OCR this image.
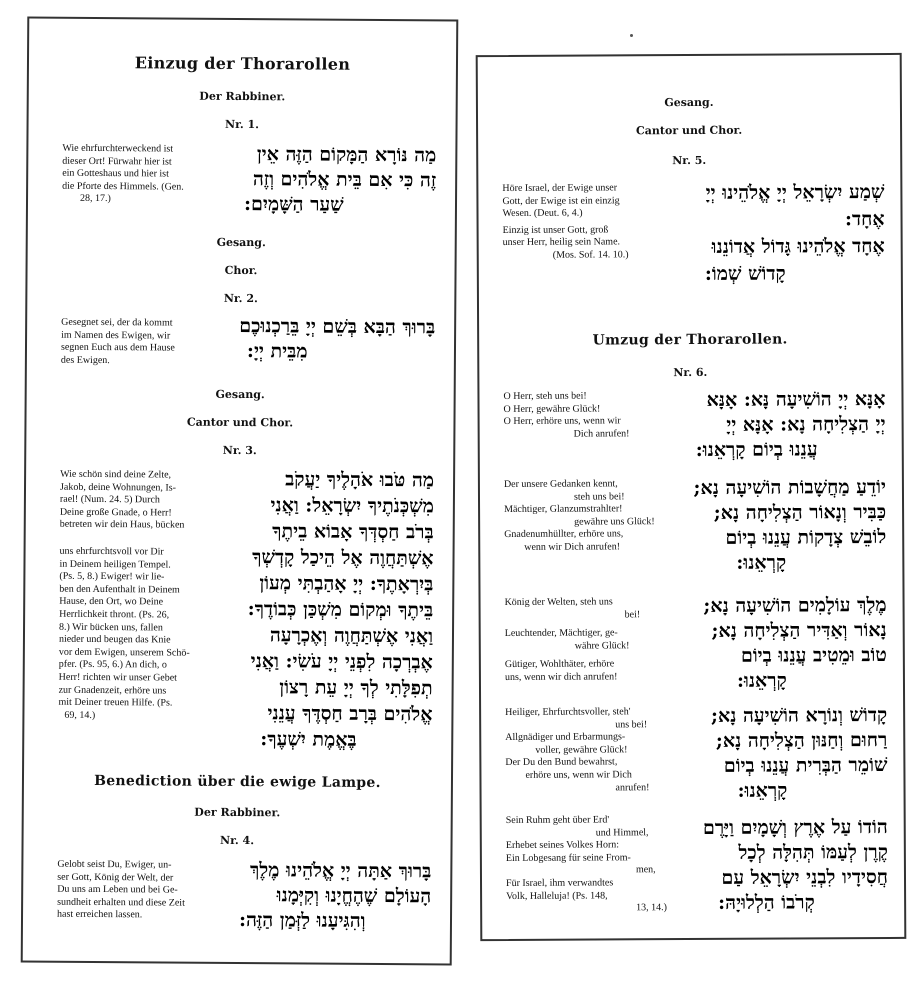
Einzug der Thorarollen
Der Rabbiner.
Nr. 1.
Wie ehrfurchterweckend ist
dieser Ort! Fürwahr hier ist
ein Gotteshaus und hier ist
die Pforte des Himmels. (Gen.
28, 17.)
מַה נּוֹרָא הַמָּקוֹם הַזֶּה אֵין
זֶה כִּי אִם בֵּית אֱלֹהִים וְזֶה
שַׁעַר הַשָּׁמָיִם:
Gesang.
Chor.
Nr. 2.
Gesegnet sei, der da kommt
im Namen des Ewigen, wir
segnen Euch aus dem Hause
des Ewigen.
בָּרוּךְ הַבָּא בְּשֵׁם יְיָ בֵּרַכְנוּכֶם
מִבֵּית יְיָ:
Gesang.
Cantor und Chor.
Nr. 3.
Wie schön sind deine Zelte,
Jakob, deine Wohnungen, Is-
rael! (Num. 24. 5) Durch
Deine große Gnade, o Herr!
betreten wir dein Haus, bücken
uns ehrfurchtsvoll vor Dir
in Deinem heiligen Tempel.
(Ps. 5, 8.) Ewiger! wir lie-
ben den Aufenthalt in Deinem
Hause, den Ort, wo Deine
Herrlichkeit thront. (Ps. 26,
8.) Wir bücken uns, fallen
nieder und beugen das Knie
vor dem Ewigen, unserem Schö-
pfer. (Ps. 95, 6.) An dich, o
Herr! richten wir unser Gebet
zur Gnadenzeit, erhöre uns
mit Deiner treuen Hilfe. (Ps.
69, 14.)
מַה טֹּבוּ אֹהָלֶיךָ יַעֲקֹב
מִשְׁכְּנֹתֶיךָ יִשְׂרָאֵל: וַאֲנִי
בְּרֹב חַסְדְּךָ אָבוֹא בֵיתֶךָ
אֶשְׁתַּחֲוֶה אֶל הֵיכַל קָדְשְׁךָ
בְּיִרְאָתֶךָ: יְיָ אָהַבְתִּי מְעוֹן
בֵּיתֶךָ וּמְקוֹם מִשְׁכַּן כְּבוֹדֶךָ:
וַאֲנִי אֶשְׁתַּחֲוֶה וְאֶכְרָעָה
אֶבְרְכָה לִפְנֵי יְיָ עֹשִׂי: וַאֲנִי
תְפִלָּתִי לְךָ יְיָ עֵת רָצוֹן
אֱלֹהִים בְּרָב חַסְדֶּךָ עֲנֵנִי
בֶּאֱמֶת יִשְׁעֶךָ:
Benediction über die ewige Lampe.
Der Rabbiner.
Nr. 4.
Gelobt seist Du, Ewiger, un-
ser Gott, König der Welt, der
Du uns am Leben und bei Ge-
sundheit erhalten und diese Zeit
hast erreichen lassen.
בָּרוּךְ אַתָּה יְיָ אֱלֹהֵינוּ מֶלֶךְ
הָעוֹלָם שֶׁהֶחֱיָנוּ וְקִיְּמָנוּ
וְהִגִּיעָנוּ לַזְּמַן הַזֶּה:
Gesang.
Cantor und Chor.
Nr. 5.
Höre Israel, der Ewige unser
Gott, der Ewige ist ein einzig
Wesen. (Deut. 6, 4.)
Einzig ist unser Gott, groß
unser Herr, heilig sein Name.
(Mos. Sof. 14. 10.)
שְׁמַע יִשְׂרָאֵל יְיָ אֱלֹהֵינוּ יְיָ
אֶחָד:
אֶחָד אֱלֹהֵינוּ גָּדוֹל אֲדוֹנֵנוּ
קָדוֹשׁ שְׁמוֹ:
Umzug der Thorarollen.
Nr. 6.
O Herr, steh uns bei!
O Herr, gewähre Glück!
O Herr, erhöre uns, wenn wir
Dich anrufen!
אָנָּא יְיָ הוֹשִׁיעָה נָּא: אָנָּא
יְיָ הַצְלִיחָה נָא: אָנָּא יְיָ
עֲנֵנוּ בְיוֹם קָרְאֵנוּ:
Der unsere Gedanken kennt,
steh uns bei!
Mächtiger, Glanzumstrahlter!
gewähre uns Glück!
Gnadenumhüllter, erhöre uns,
wenn wir Dich anrufen!
יוֹדֵעַ מַחֲשָׁבוֹת הוֹשִׁיעָה נָא;
כַּבִּיר וְנָאוֹר הַצְלִיחָה נָא;
לוֹבֵשׁ צְדָקוֹת עֲנֵנוּ בְיוֹם
קָרְאֵנוּ:
König der Welten, steh uns
bei!
Leuchtender, Mächtiger, ge-
währe Glück!
Gütiger, Wohlthäter, erhöre
uns, wenn wir dich anrufen!
מֶלֶךְ עוֹלָמִים הוֹשִׁיעָה נָא;
נָאוֹר וְאַדִּיר הַצְלִיחָה נָא;
טוֹב וּמֵטִיב עֲנֵנוּ בְיוֹם
קָרְאֵנוּ:
Heiliger, Ehrfurchtsvoller, steh'
uns bei!
Allgnädiger und Erbarmungs-
voller, gewähre Glück!
Der Du den Bund bewahrst,
erhöre uns, wenn wir Dich
anrufen!
קָדוֹשׁ וְנוֹרָא הוֹשִׁיעָה נָא;
רַחוּם וְחַנּוּן הַצְלִיחָה נָא;
שׁוֹמֵר הַבְּרִית עֲנֵנוּ בְיוֹם
קָרְאֵנוּ:
Sein Ruhm geht über Erd'
und Himmel,
Erhebet seines Volkes Horn:
Ein Lobgesang für seine From-
men,
Für Israel, ihm verwandtes
Volk, Halleluja! (Ps. 148,
13, 14.)
הוֹדוֹ עַל אֶרֶץ וְשָׁמָיִם וַיָּרֶם
קֶרֶן לְעַמּוֹ תְּהִלָּה לְכָל
חֲסִידָיו לִבְנֵי יִשְׂרָאֵל עַם
קְרֹבוֹ הַלְלוּיָהּ:
